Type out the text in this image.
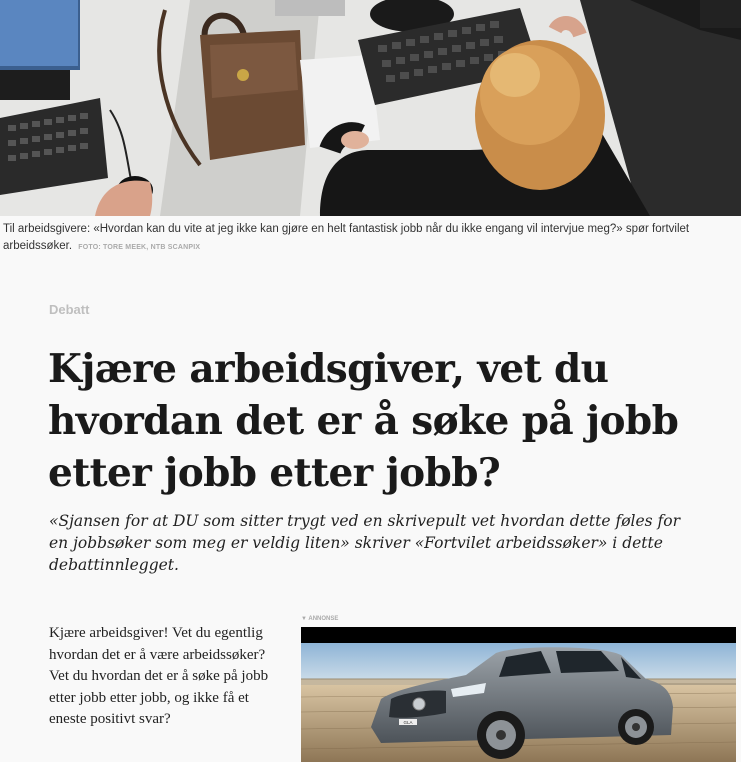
Til arbeidsgivere: «Hvordan kan du vite at jeg ikke kan gjøre en helt fantastisk jobb når du ikke engang vil intervjue meg?» spør fortvilet arbeidssøker. FOTO: TORE MEEK, NTB SCANPIX
Debatt
Kjære arbeidsgiver, vet du hvordan det er å søke på jobb etter jobb etter jobb?

«Sjansen for at DU som sitter trygt ved en skrivepult vet hvordan dette føles for en jobbsøker som meg er veldig liten» skriver «Fortvilet arbeidssøker» i dette debattinnlegget.

Kjære arbeidsgiver! Vet du egentlig hvordan det er å være arbeidssøker? Vet du hvordan det er å søke på jobb etter jobb etter jobb, og ikke få et eneste positivt svar?

▼ ANNONSE
GLA
